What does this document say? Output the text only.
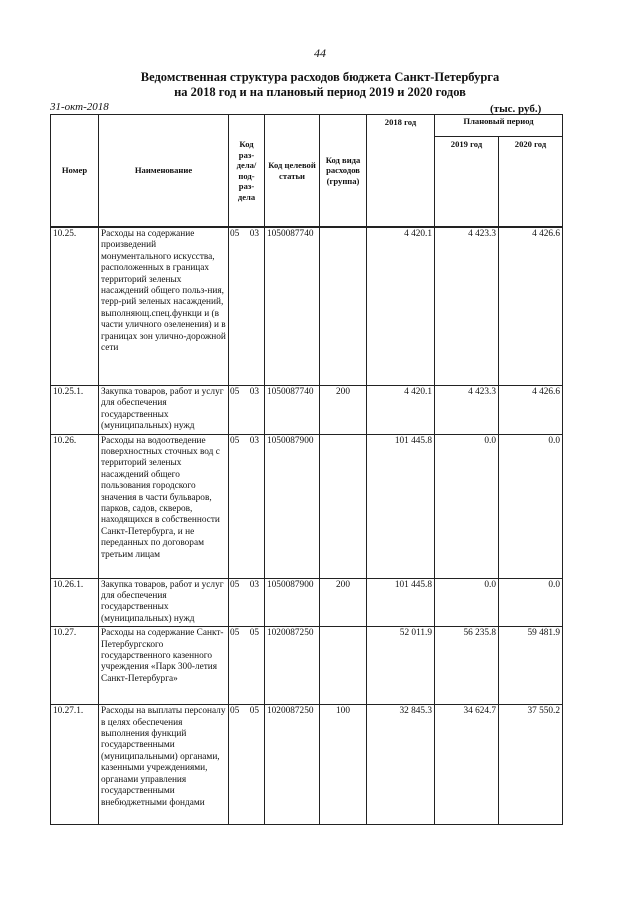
44
Ведомственная структура расходов бюджета Санкт-Петербурга
на 2018 год и на плановый период 2019 и 2020 годов
31-окт-2018	(тыс. руб.)
Номер	Наименование	Код раз- дела/ под- раз- дела	Код целевой статьи	Код вида расходов (группа)	2018 год	Плановый период	
						2019 год	2020 год

10.25.	Расходы на содержание произведений монументального искусства, расположенных в границах территорий зеленых насаждений общего польз-ния, терр-рий зеленых насаждений, выполняющ.спец.функци и (в части уличного озеленения) и в границах зон улично-дорожной сети	05 03	1050087740		4 420.1	4 423.3	4 426.6
10.25.1.	Закупка товаров, работ и услуг для обеспечения государственных (муниципальных) нужд	05 03	1050087740	200	4 420.1	4 423.3	4 426.6
10.26.	Расходы на водоотведение поверхностных сточных вод с территорий зеленых насаждений общего пользования городского значения в части бульваров, парков, садов, скверов, находящихся в собственности Санкт-Петербурга, и не переданных по договорам третьим лицам	05 03	1050087900		101 445.8	0.0	0.0
10.26.1.	Закупка товаров, работ и услуг для обеспечения государственных (муниципальных) нужд	05 03	1050087900	200	101 445.8	0.0	0.0
10.27.	Расходы на содержание Санкт-Петербургского государственного казенного учреждения «Парк 300-летия Санкт-Петербурга»	05 05	1020087250		52 011.9	56 235.8	59 481.9
10.27.1.	Расходы на выплаты персоналу в целях обеспечения выполнения функций государственными (муниципальными) органами, казенными учреждениями, органами управления государственными внебюджетными фондами	05 05	1020087250	100	32 845.3	34 624.7	37 550.2
